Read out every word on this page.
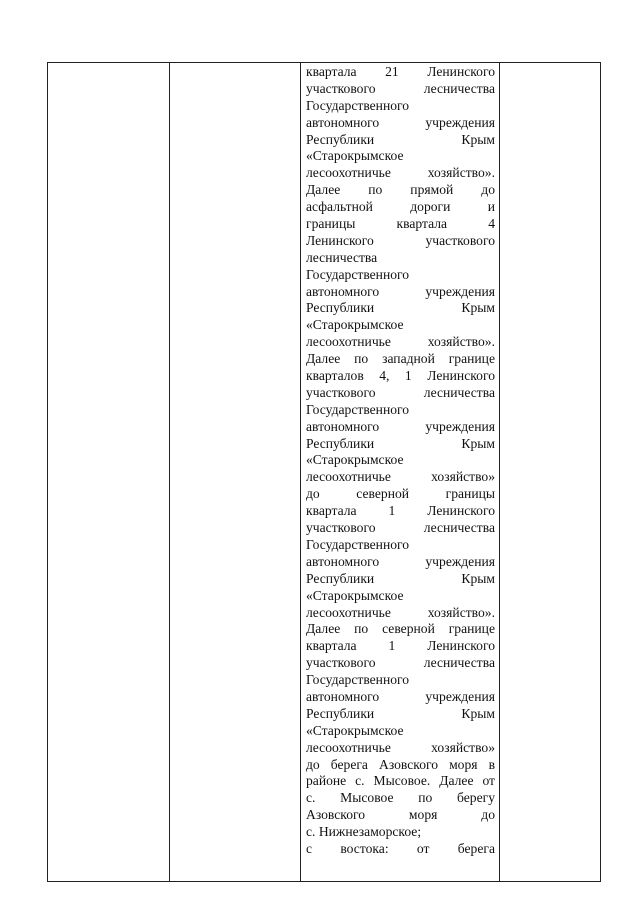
квартала 21 Ленинского
участкового лесничества
Государственного
автономного учреждения
Республики Крым
«Старокрымское
лесоохотничье хозяйство».
Далее по прямой до
асфальтной дороги и
границы квартала 4
Ленинского участкового
лесничества
Государственного
автономного учреждения
Республики Крым
«Старокрымское
лесоохотничье хозяйство».
Далее по западной границе
кварталов 4, 1 Ленинского
участкового лесничества
Государственного
автономного учреждения
Республики Крым
«Старокрымское
лесоохотничье хозяйство»
до северной границы
квартала 1 Ленинского
участкового лесничества
Государственного
автономного учреждения
Республики Крым
«Старокрымское
лесоохотничье хозяйство».
Далее по северной границе
квартала 1 Ленинского
участкового лесничества
Государственного
автономного учреждения
Республики Крым
«Старокрымское
лесоохотничье хозяйство»
до берега Азовского моря в
районе с. Мысовое. Далее от
с. Мысовое по берегу
Азовского моря до
с. Нижнезаморское;
с востока: от берега
